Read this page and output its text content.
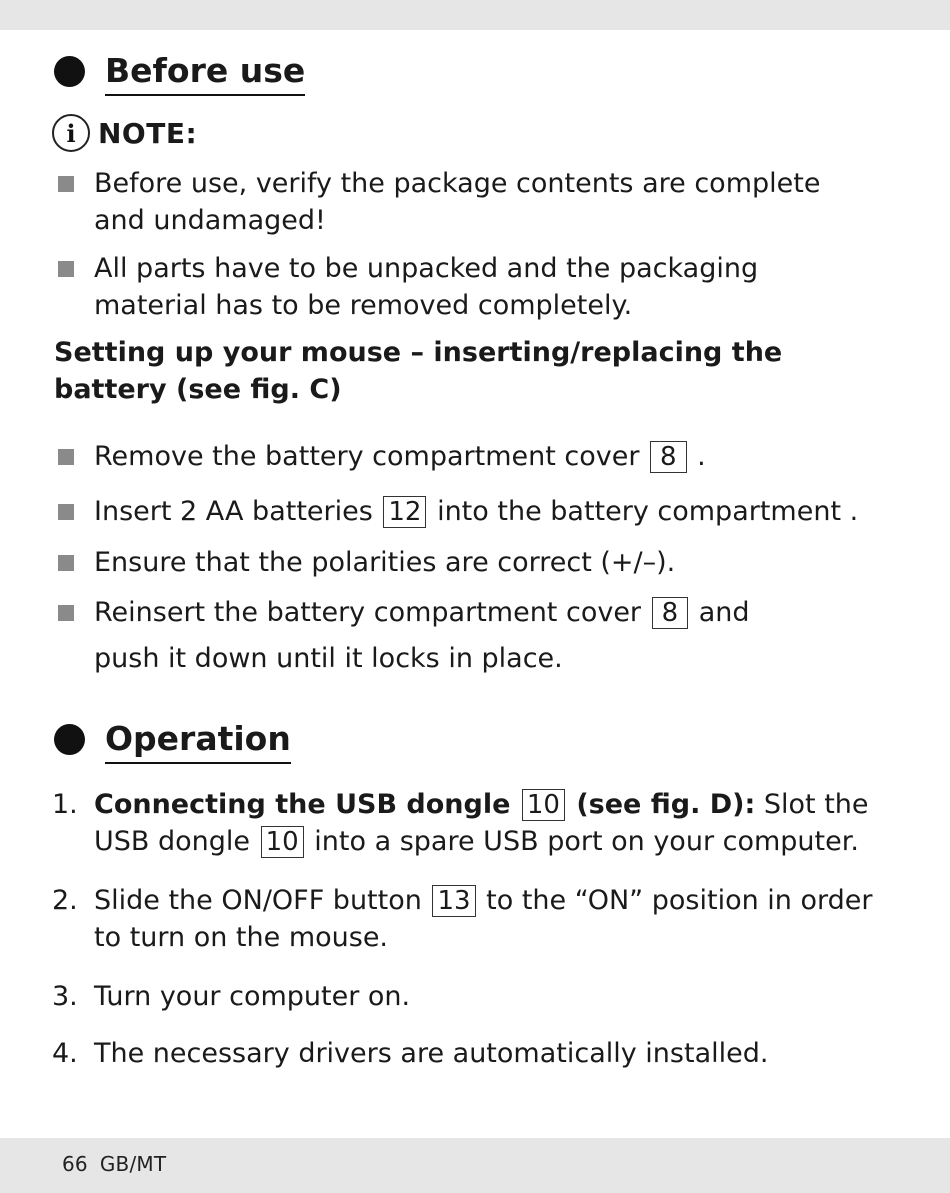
Before use
i NOTE:
Before use, verify the package contents are complete and undamaged!
All parts have to be unpacked and the packaging material has to be removed completely.
Setting up your mouse – inserting/replacing the battery (see fig. C)
Remove the battery compartment cover 8 .
Insert 2 AA batteries 12 into the battery compartment .
Ensure that the polarities are correct (+/–).
Reinsert the battery compartment cover 8 and push it down until it locks in place.
Operation
1. Connecting the USB dongle 10 (see fig. D): Slot the USB dongle 10 into a spare USB port on your computer.
2. Slide the ON/OFF button 13 to the “ON” position in order to turn on the mouse.
3. Turn your computer on.
4. The necessary drivers are automatically installed.
66 GB/MT
